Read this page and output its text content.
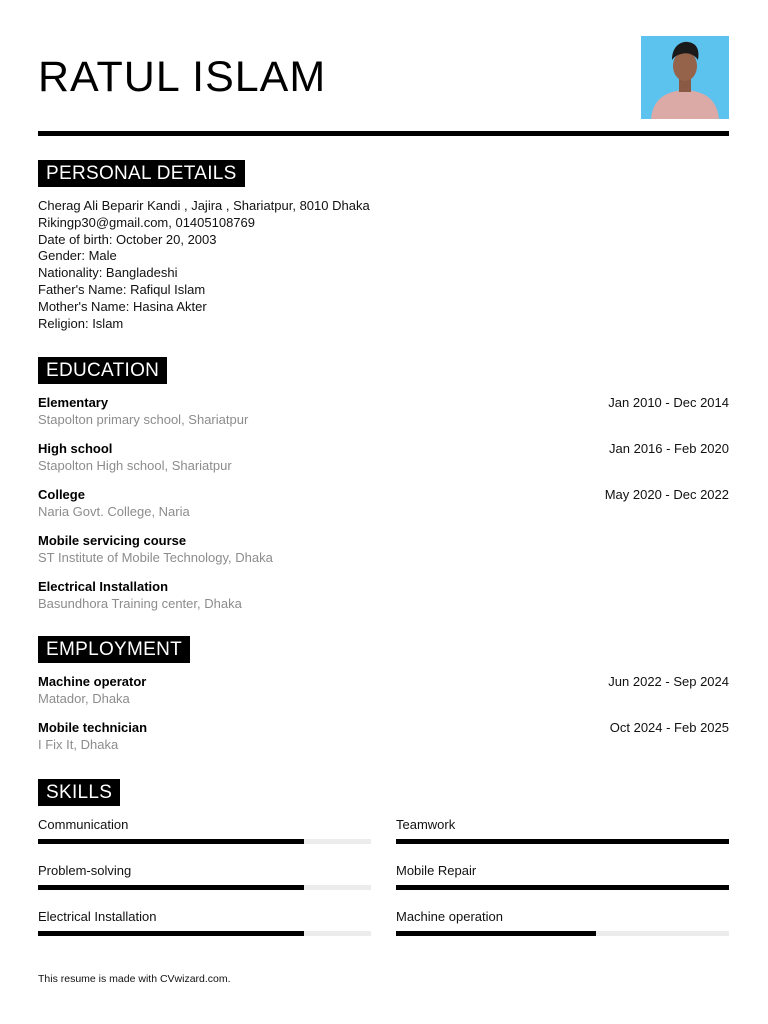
RATUL ISLAM
PERSONAL DETAILS
Cherag Ali Beparir Kandi , Jajira , Shariatpur, 8010 Dhaka
Rikingp30@gmail.com, 01405108769
Date of birth: October 20, 2003
Gender: Male
Nationality: Bangladeshi
Father's Name: Rafiqul Islam
Mother's Name: Hasina Akter
Religion: Islam
EDUCATION
Elementary
Stapolton primary school, Shariatpur
Jan 2010 - Dec 2014
High school
Stapolton High school, Shariatpur
Jan 2016 - Feb 2020
College
Naria Govt. College, Naria
May 2020 - Dec 2022
Mobile servicing course
ST Institute of Mobile Technology, Dhaka
Electrical Installation
Basundhora Training center, Dhaka
EMPLOYMENT
Machine operator
Matador, Dhaka
Jun 2022 - Sep 2024
Mobile technician
I Fix It, Dhaka
Oct 2024 - Feb 2025
SKILLS
Communication	Teamwork
Problem-solving	Mobile Repair
Electrical Installation	Machine operation
This resume is made with CVwizard.com.
